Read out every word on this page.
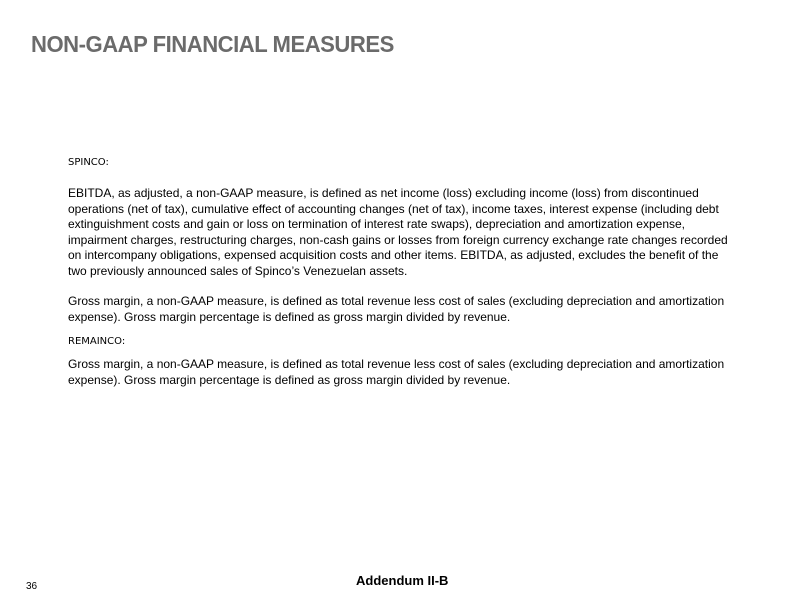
NON-GAAP FINANCIAL MEASURES

SPINCO:

EBITDA, as adjusted, a non-GAAP measure, is defined as net income (loss) excluding income (loss) from discontinued operations (net of tax), cumulative effect of accounting changes (net of tax), income taxes, interest expense (including debt extinguishment costs and gain or loss on termination of interest rate swaps), depreciation and amortization expense, impairment charges, restructuring charges, non-cash gains or losses from foreign currency exchange rate changes recorded on intercompany obligations, expensed acquisition costs and other items. EBITDA, as adjusted, excludes the benefit of the two previously announced sales of Spinco’s Venezuelan assets.

Gross margin, a non-GAAP measure, is defined as total revenue less cost of sales (excluding depreciation and amortization expense). Gross margin percentage is defined as gross margin divided by revenue.

REMAINCO:

Gross margin, a non-GAAP measure, is defined as total revenue less cost of sales (excluding depreciation and amortization expense). Gross margin percentage is defined as gross margin divided by revenue.

36	Addendum II-B
